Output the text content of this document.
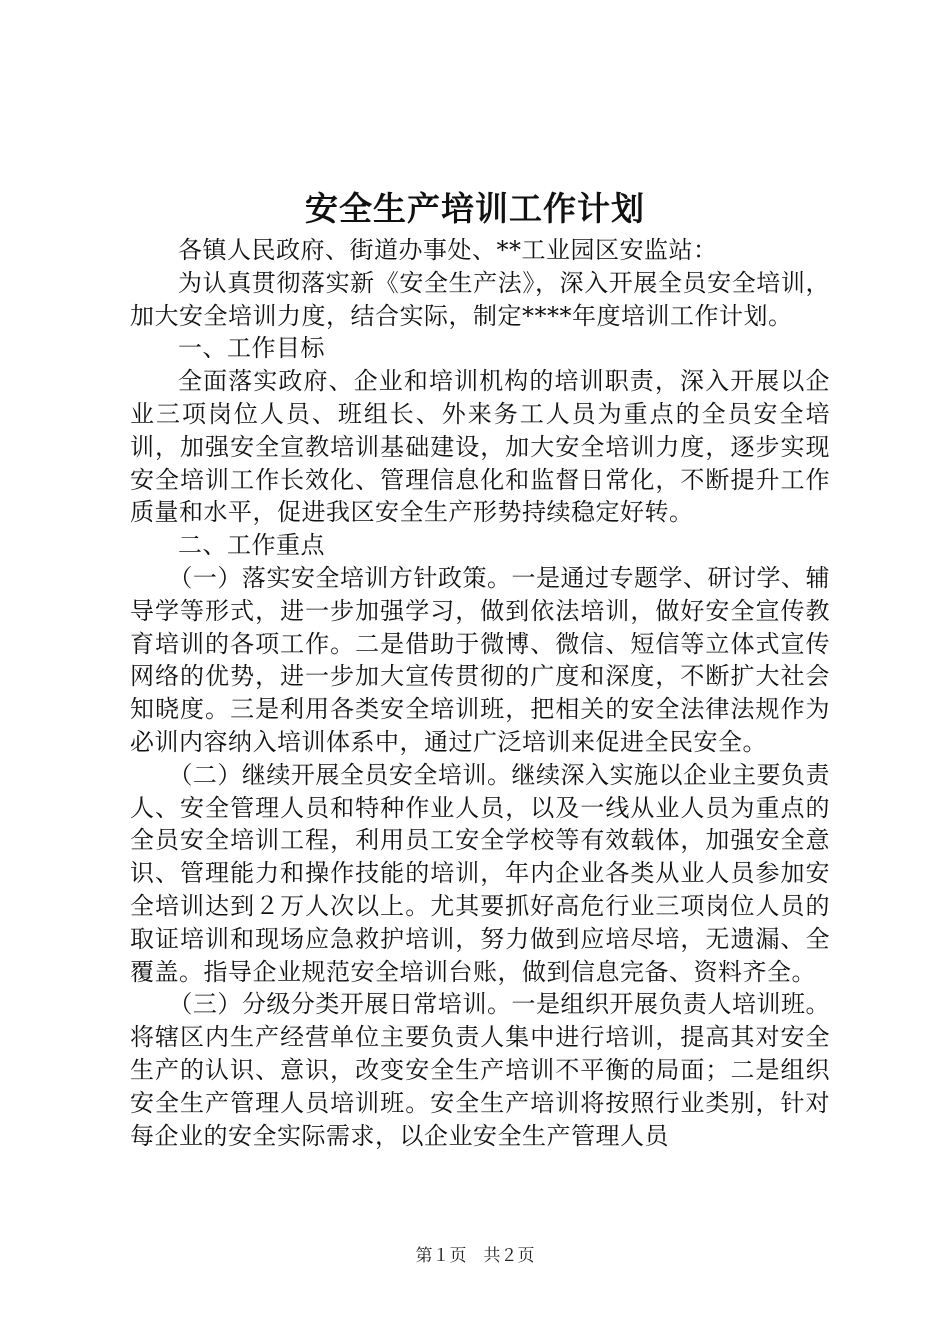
安全生产培训工作计划

各镇人民政府、街道办事处、**工业园区安监站：

为认真贯彻落实新《安全生产法》，深入开展全员安全培训，加大安全培训力度，结合实际，制定****年度培训工作计划。

一、工作目标

全面落实政府、企业和培训机构的培训职责，深入开展以企业三项岗位人员、班组长、外来务工人员为重点的全员安全培训，加强安全宣教培训基础建设，加大安全培训力度，逐步实现安全培训工作长效化、管理信息化和监督日常化，不断提升工作质量和水平，促进我区安全生产形势持续稳定好转。

二、工作重点

（一）落实安全培训方针政策。一是通过专题学、研讨学、辅导学等形式，进一步加强学习，做到依法培训，做好安全宣传教育培训的各项工作。二是借助于微博、微信、短信等立体式宣传网络的优势，进一步加大宣传贯彻的广度和深度，不断扩大社会知晓度。三是利用各类安全培训班，把相关的安全法律法规作为必训内容纳入培训体系中，通过广泛培训来促进全民安全。

（二）继续开展全员安全培训。继续深入实施以企业主要负责人、安全管理人员和特种作业人员，以及一线从业人员为重点的全员安全培训工程，利用员工安全学校等有效载体，加强安全意识、管理能力和操作技能的培训，年内企业各类从业人员参加安全培训达到２万人次以上。尤其要抓好高危行业三项岗位人员的取证培训和现场应急救护培训，努力做到应培尽培，无遗漏、全覆盖。指导企业规范安全培训台账，做到信息完备、资料齐全。

（三）分级分类开展日常培训。一是组织开展负责人培训班。将辖区内生产经营单位主要负责人集中进行培训，提高其对安全生产的认识、意识，改变安全生产培训不平衡的局面；二是组织安全生产管理人员培训班。安全生产培训将按照行业类别，针对每企业的安全实际需求，以企业安全生产管理人员

第１页　共２页
